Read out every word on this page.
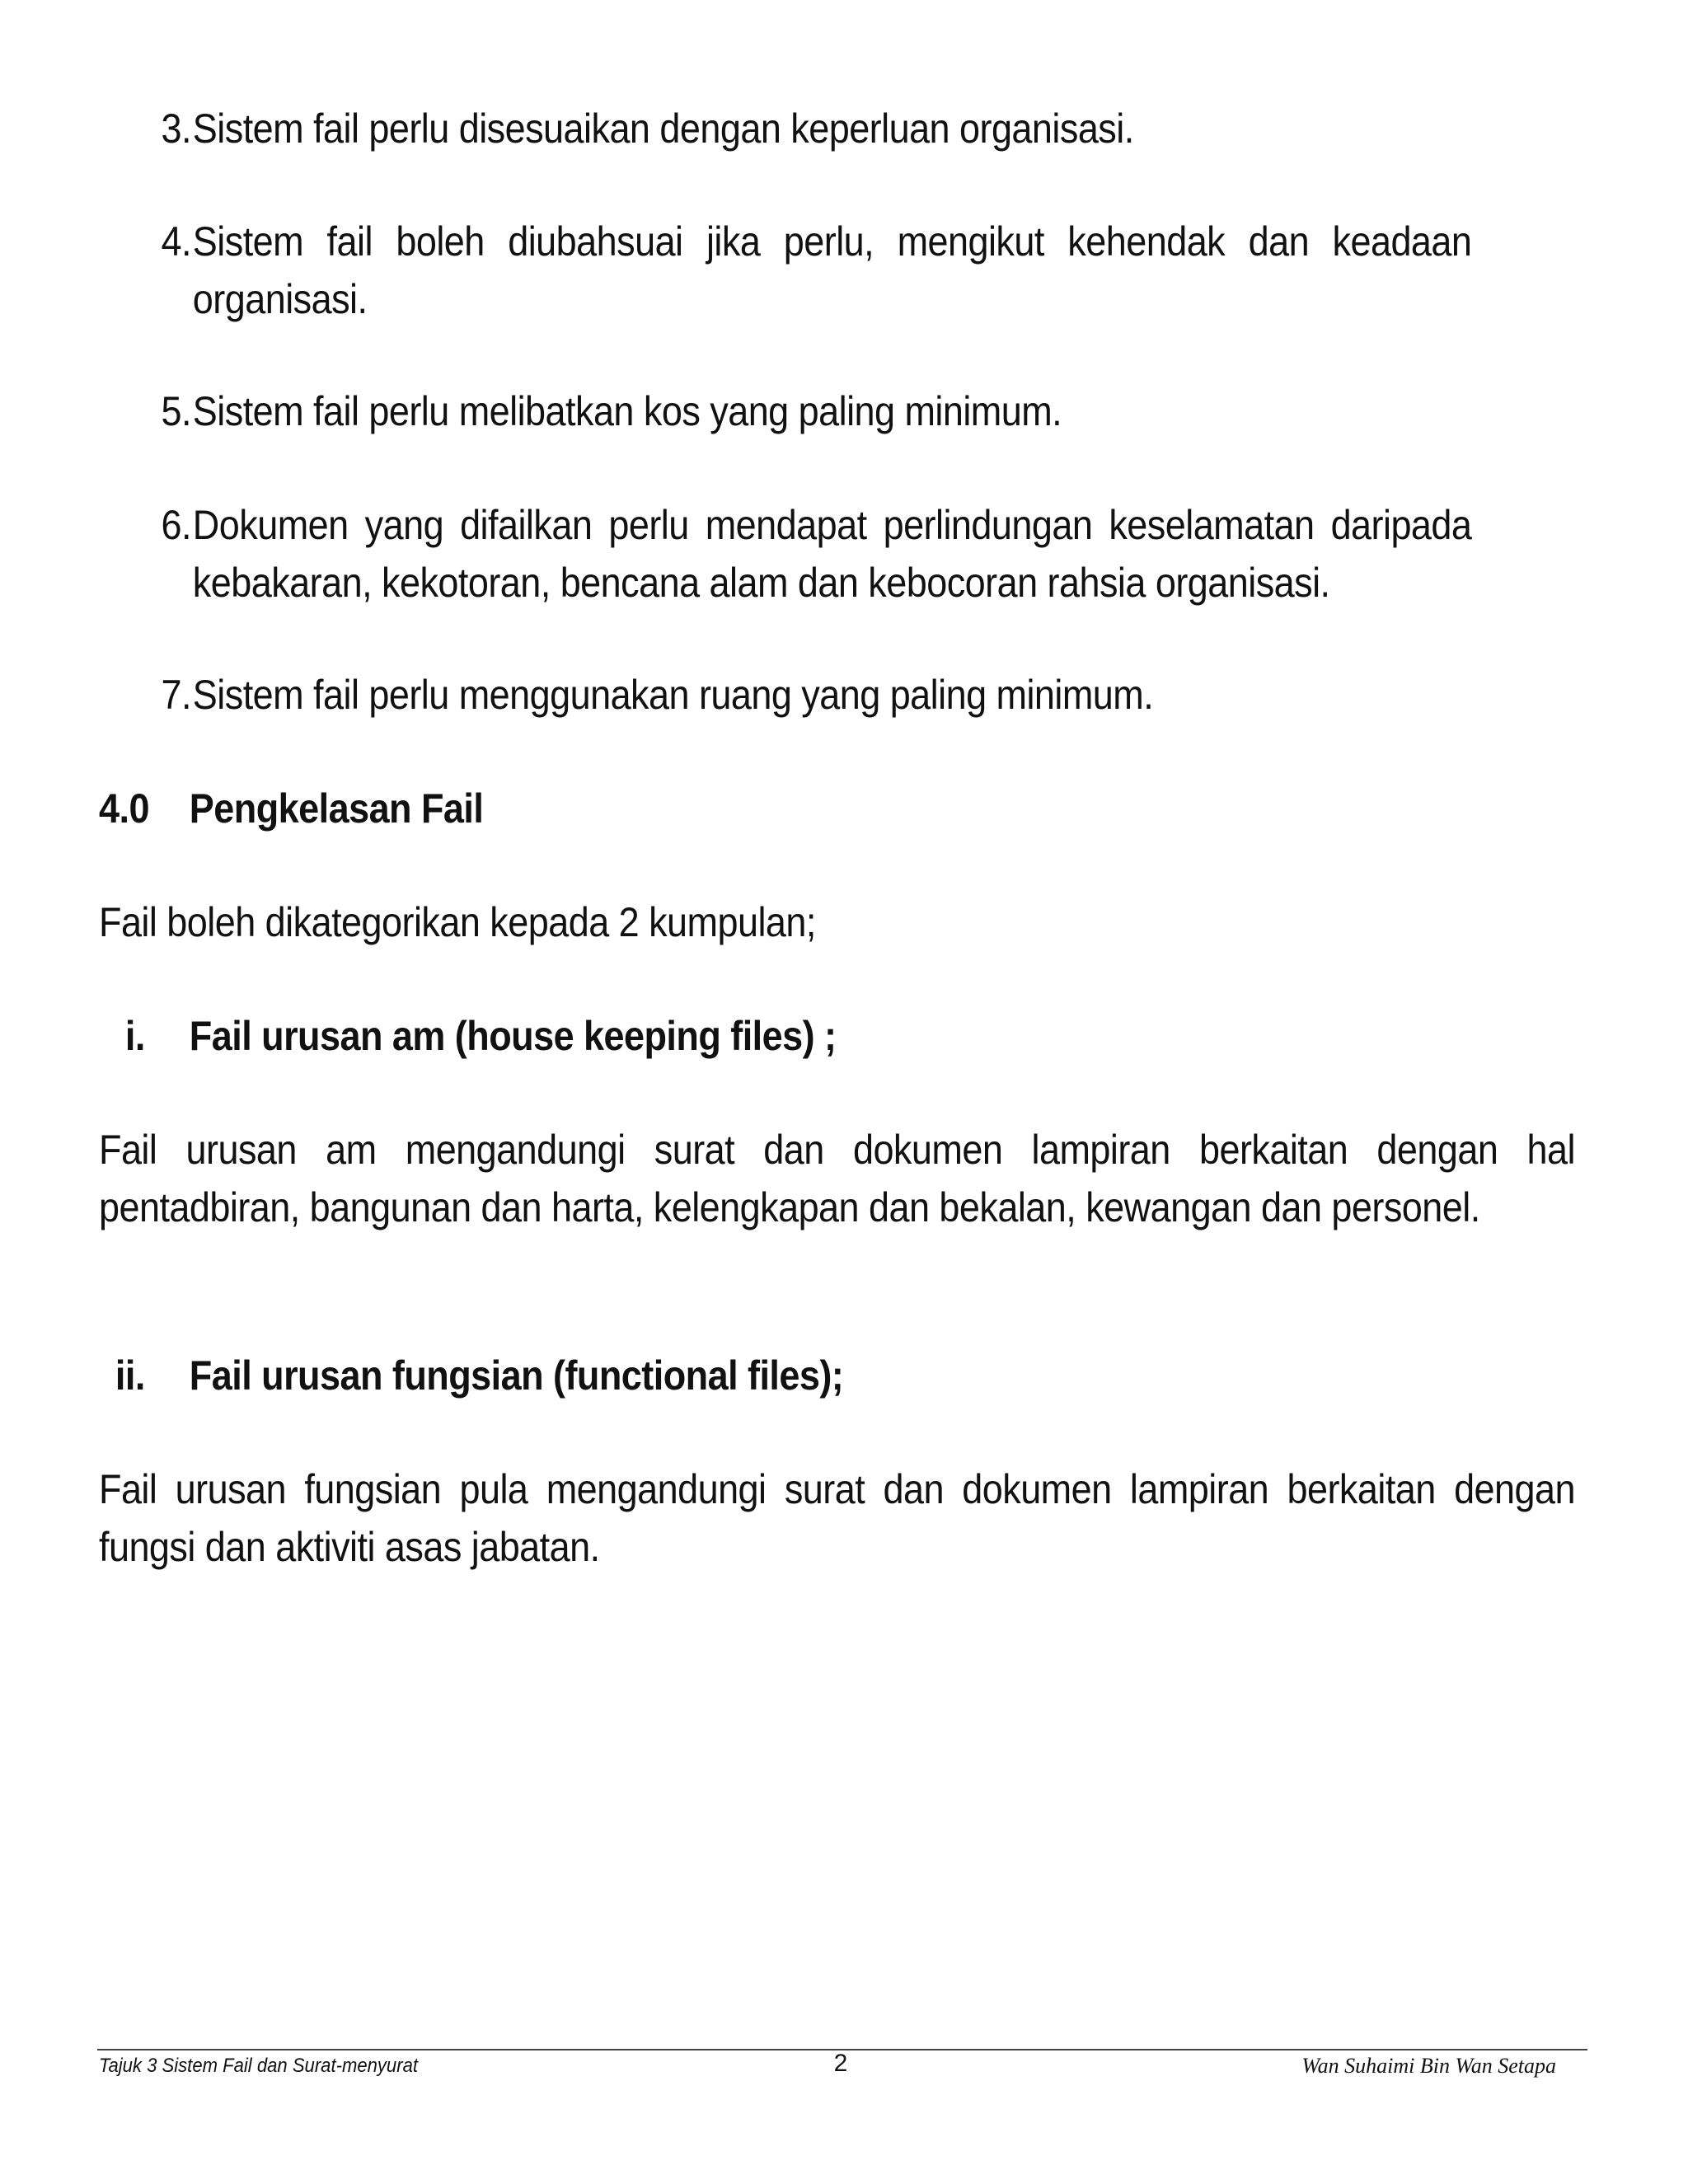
3. Sistem fail perlu disesuaikan dengan keperluan organisasi.
4. Sistem fail boleh diubahsuai jika perlu, mengikut kehendak dan keadaan organisasi.
5. Sistem fail perlu melibatkan kos yang paling minimum.
6. Dokumen yang difailkan perlu mendapat perlindungan keselamatan daripada kebakaran, kekotoran, bencana alam dan kebocoran rahsia organisasi.
7. Sistem fail perlu menggunakan ruang yang paling minimum.
4.0 Pengkelasan Fail
Fail boleh dikategorikan kepada 2 kumpulan;
i. Fail urusan am (house keeping files) ;
Fail urusan am mengandungi surat dan dokumen lampiran berkaitan dengan hal pentadbiran, bangunan dan harta, kelengkapan dan bekalan, kewangan dan personel.
ii. Fail urusan fungsian (functional files);
Fail urusan fungsian pula mengandungi surat dan dokumen lampiran berkaitan dengan fungsi dan aktiviti asas jabatan.
Tajuk 3 Sistem Fail dan Surat-menyurat	2	Wan Suhaimi Bin Wan Setapa
